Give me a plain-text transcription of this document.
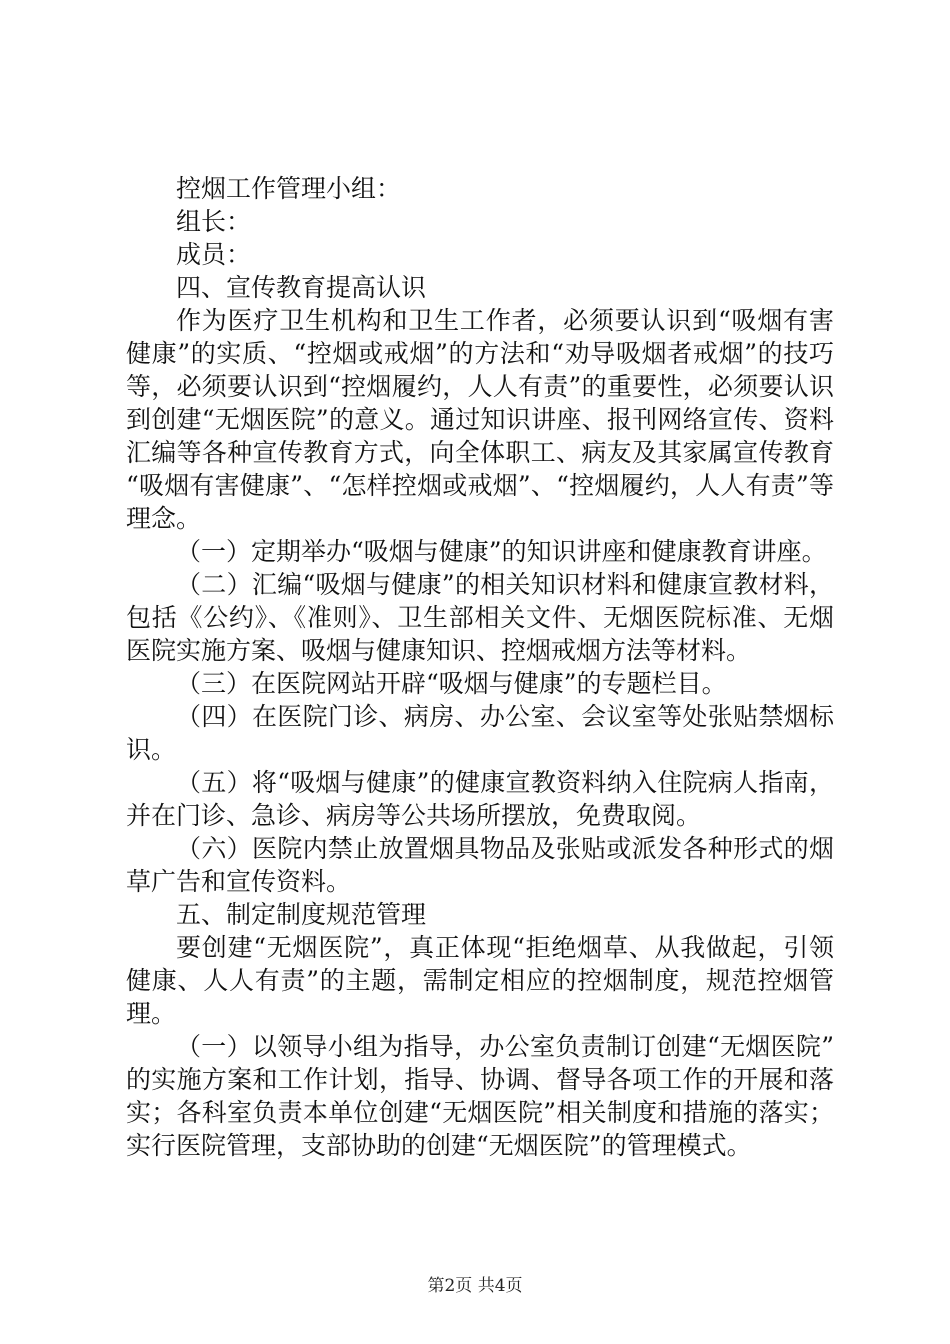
控烟工作管理小组：

组长：

成员：

四、宣传教育提高认识

作为医疗卫生机构和卫生工作者，必须要认识到“吸烟有害健康”的实质、“控烟或戒烟”的方法和“劝导吸烟者戒烟”的技巧等，必须要认识到“控烟履约，人人有责”的重要性，必须要认识到创建“无烟医院”的意义。通过知识讲座、报刊网络宣传、资料汇编等各种宣传教育方式，向全体职工、病友及其家属宣传教育“吸烟有害健康”、“怎样控烟或戒烟”、“控烟履约，人人有责”等理念。

（一）定期举办“吸烟与健康”的知识讲座和健康教育讲座。

（二）汇编“吸烟与健康”的相关知识材料和健康宣教材料，包括《公约》、《准则》、卫生部相关文件、无烟医院标准、无烟医院实施方案、吸烟与健康知识、控烟戒烟方法等材料。

（三）在医院网站开辟“吸烟与健康”的专题栏目。

（四）在医院门诊、病房、办公室、会议室等处张贴禁烟标识。

（五）将“吸烟与健康”的健康宣教资料纳入住院病人指南，并在门诊、急诊、病房等公共场所摆放，免费取阅。

（六）医院内禁止放置烟具物品及张贴或派发各种形式的烟草广告和宣传资料。

五、制定制度规范管理

要创建“无烟医院”，真正体现“拒绝烟草、从我做起，引领健康、人人有责”的主题，需制定相应的控烟制度，规范控烟管理。

（一）以领导小组为指导，办公室负责制订创建“无烟医院”的实施方案和工作计划，指导、协调、督导各项工作的开展和落实；各科室负责本单位创建“无烟医院”相关制度和措施的落实；实行医院管理，支部协助的创建“无烟医院”的管理模式。

第2页 共4页
